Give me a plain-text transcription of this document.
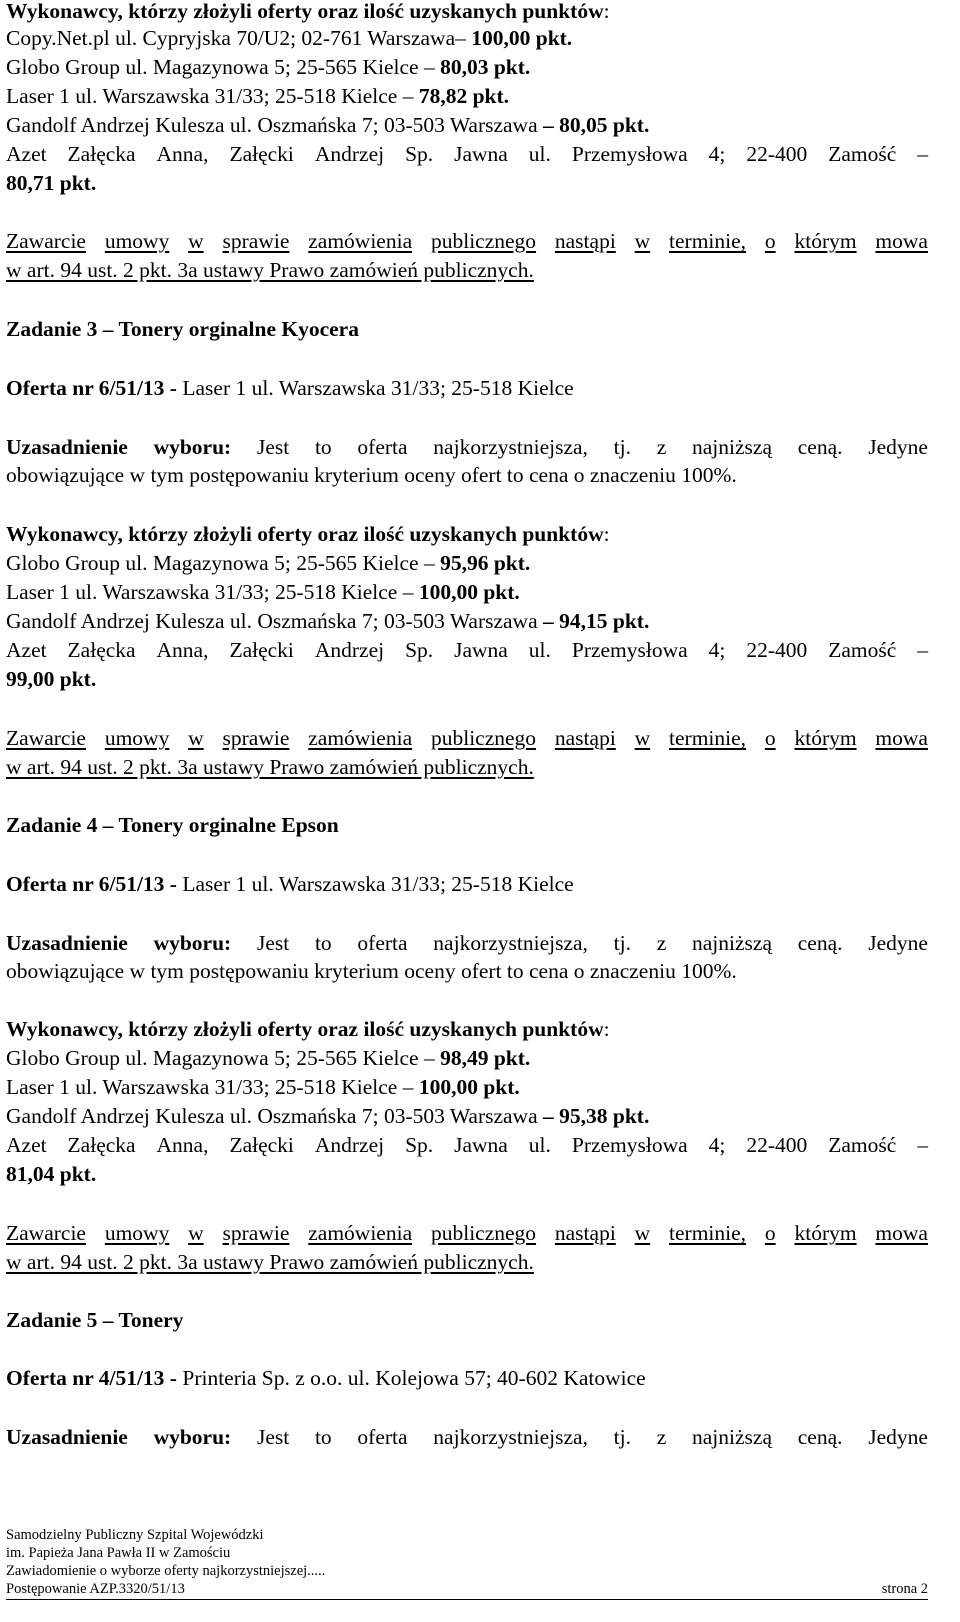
Wykonawcy, którzy złożyli oferty oraz ilość uzyskanych punktów:
Copy.Net.pl ul. Cypryjska 70/U2; 02-761 Warszawa– 100,00 pkt.
Globo Group ul. Magazynowa 5; 25-565 Kielce – 80,03 pkt.
Laser 1 ul. Warszawska 31/33; 25-518 Kielce – 78,82 pkt.
Gandolf Andrzej Kulesza ul. Oszmańska 7; 03-503 Warszawa – 80,05 pkt.
Azet Załęcka Anna, Załęcki Andrzej Sp. Jawna ul. Przemysłowa 4; 22-400 Zamość –
80,71 pkt.
Zawarcie umowy w sprawie zamówienia publicznego nastąpi w terminie, o którym mowa
w art. 94 ust. 2 pkt. 3a ustawy Prawo zamówień publicznych.
Zadanie 3 – Tonery orginalne Kyocera
Oferta nr 6/51/13 - Laser 1 ul. Warszawska 31/33; 25-518 Kielce
Uzasadnienie wyboru: Jest to oferta najkorzystniejsza, tj. z najniższą ceną. Jedyne
obowiązujące w tym postępowaniu kryterium oceny ofert to cena o znaczeniu 100%.
Wykonawcy, którzy złożyli oferty oraz ilość uzyskanych punktów:
Globo Group ul. Magazynowa 5; 25-565 Kielce – 95,96 pkt.
Laser 1 ul. Warszawska 31/33; 25-518 Kielce – 100,00 pkt.
Gandolf Andrzej Kulesza ul. Oszmańska 7; 03-503 Warszawa – 94,15 pkt.
Azet Załęcka Anna, Załęcki Andrzej Sp. Jawna ul. Przemysłowa 4; 22-400 Zamość –
99,00 pkt.
Zawarcie umowy w sprawie zamówienia publicznego nastąpi w terminie, o którym mowa
w art. 94 ust. 2 pkt. 3a ustawy Prawo zamówień publicznych.
Zadanie 4 – Tonery orginalne Epson
Oferta nr 6/51/13 - Laser 1 ul. Warszawska 31/33; 25-518 Kielce
Uzasadnienie wyboru: Jest to oferta najkorzystniejsza, tj. z najniższą ceną. Jedyne
obowiązujące w tym postępowaniu kryterium oceny ofert to cena o znaczeniu 100%.
Wykonawcy, którzy złożyli oferty oraz ilość uzyskanych punktów:
Globo Group ul. Magazynowa 5; 25-565 Kielce – 98,49 pkt.
Laser 1 ul. Warszawska 31/33; 25-518 Kielce – 100,00 pkt.
Gandolf Andrzej Kulesza ul. Oszmańska 7; 03-503 Warszawa – 95,38 pkt.
Azet Załęcka Anna, Załęcki Andrzej Sp. Jawna ul. Przemysłowa 4; 22-400 Zamość –
81,04 pkt.
Zawarcie umowy w sprawie zamówienia publicznego nastąpi w terminie, o którym mowa
w art. 94 ust. 2 pkt. 3a ustawy Prawo zamówień publicznych.
Zadanie 5 – Tonery
Oferta nr 4/51/13 - Printeria Sp. z o.o. ul. Kolejowa 57; 40-602 Katowice
Uzasadnienie wyboru: Jest to oferta najkorzystniejsza, tj. z najniższą ceną. Jedyne
Samodzielny Publiczny Szpital Wojewódzki
im. Papieża Jana Pawła II w Zamościu
Zawiadomienie o wyborze oferty najkorzystniejszej.....
Postępowanie AZP.3320/51/13	strona 2
